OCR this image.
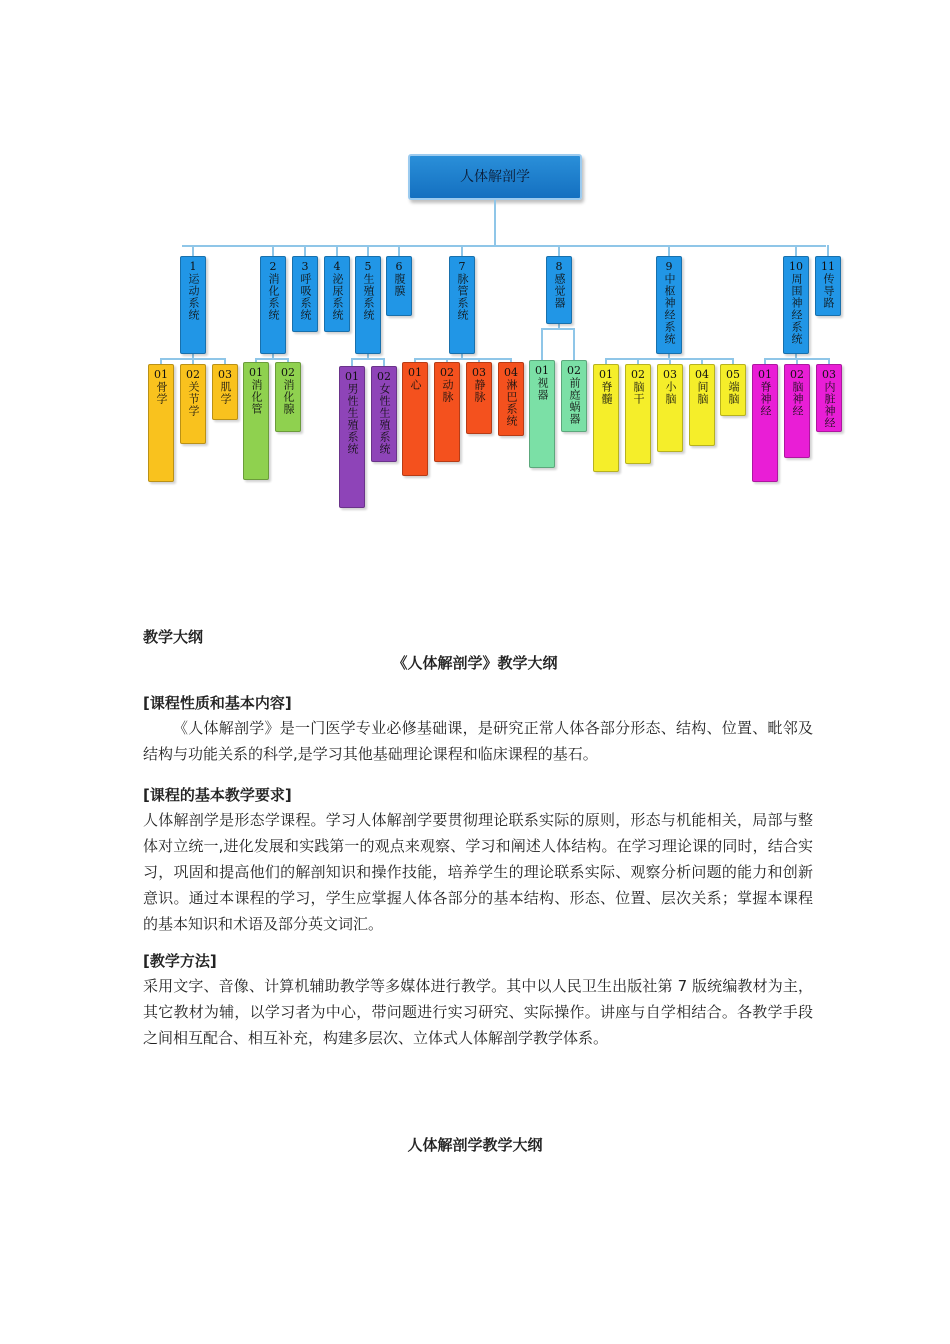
人体解剖学
1
运动系统
2
消化系统
3
呼吸系统
4
泌尿系统
5
生殖系统
6
腹膜
7
脉管系统
8
感觉器
9
中枢神经系统
10
周围神经系统
11
传导路
01
骨学
02
关节学
03
肌学
01
消化管
02
消化腺
01
男性生殖系统
02
女性生殖系统
01
心
02
动脉
03
静脉
04
淋巴系统
01
视器
02
前庭蜗器
01
脊髓
02
脑干
03
小脑
04
间脑
05
端脑
01
脊神经
02
脑神经
03
内脏神经
教学大纲
《人体解剖学》教学大纲
[课程性质和基本内容]
《人体解剖学》是一门医学专业必修基础课，是研究正常人体各部分形态、结构、位置、毗邻及结构与功能关系的科学,是学习其他基础理论课程和临床课程的基石。
[课程的基本教学要求]
人体解剖学是形态学课程。学习人体解剖学要贯彻理论联系实际的原则，形态与机能相关，局部与整体对立统一,进化发展和实践第一的观点来观察、学习和阐述人体结构。在学习理论课的同时，结合实习，巩固和提高他们的解剖知识和操作技能，培养学生的理论联系实际、观察分析问题的能力和创新意识。通过本课程的学习，学生应掌握人体各部分的基本结构、形态、位置、层次关系；掌握本课程的基本知识和术语及部分英文词汇。
[教学方法]
采用文字、音像、计算机辅助教学等多媒体进行教学。其中以人民卫生出版社第 7 版统编教材为主，其它教材为辅，以学习者为中心，带问题进行实习研究、实际操作。讲座与自学相结合。各教学手段之间相互配合、相互补充，构建多层次、立体式人体解剖学教学体系。
人体解剖学教学大纲
